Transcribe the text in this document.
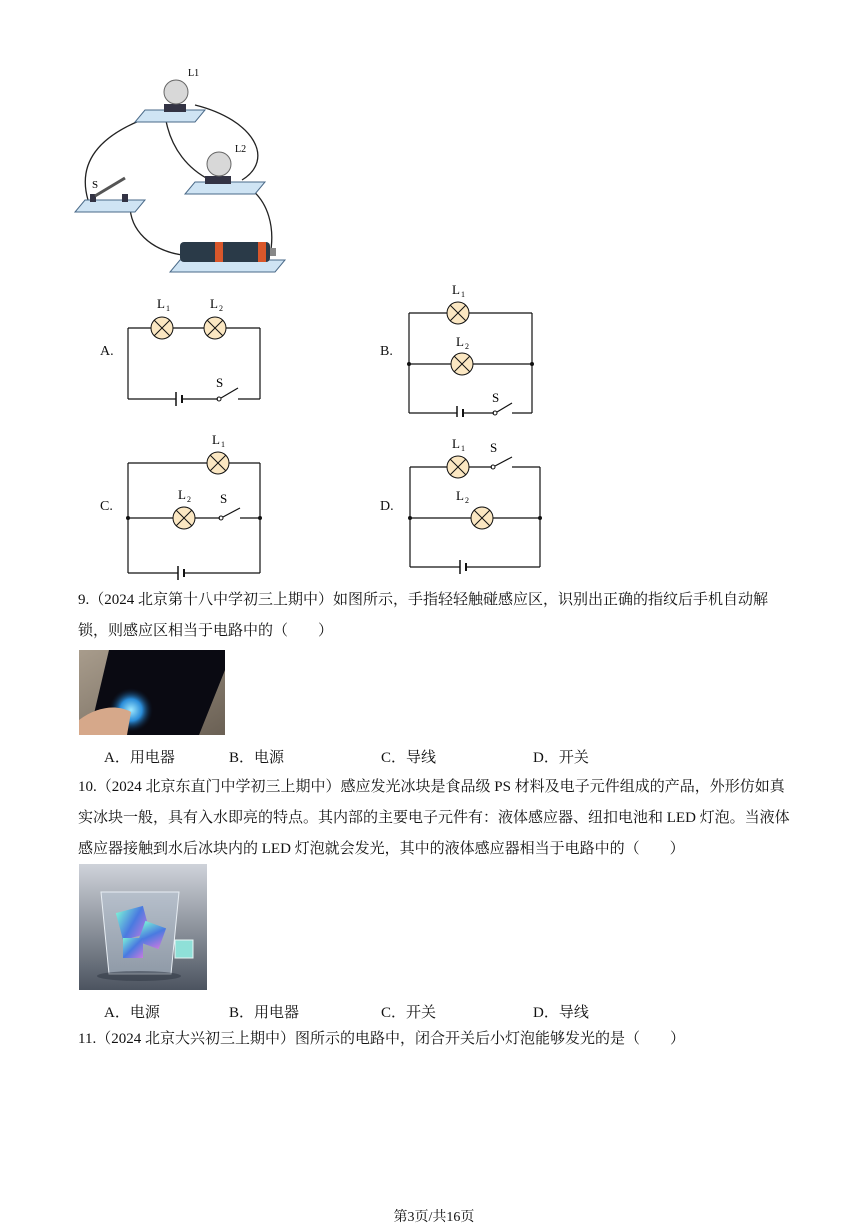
L1
L2
S
A.
L 1	L 2
S
B.
L 1
L 2
S
C.
L 1
L 2 S
D.
L 1
L 2
S
9.（2024 北京第十八中学初三上期中）如图所示，手指轻轻触碰感应区，识别出正确的指纹后手机自动解锁，则感应区相当于电路中的（　　）
A．用电器	B．电源	C．导线	D．开关
10.（2024 北京东直门中学初三上期中）感应发光冰块是食品级 PS 材料及电子元件组成的产品，外形仿如真实冰块一般，具有入水即亮的特点。其内部的主要电子元件有：液体感应器、纽扣电池和 LED 灯泡。当液体感应器接触到水后冰块内的 LED 灯泡就会发光，其中的液体感应器相当于电路中的（　　）
A．电源	B．用电器	C．开关	D．导线
11.（2024 北京大兴初三上期中）图所示的电路中，闭合开关后小灯泡能够发光的是（　　）
第3页/共16页
